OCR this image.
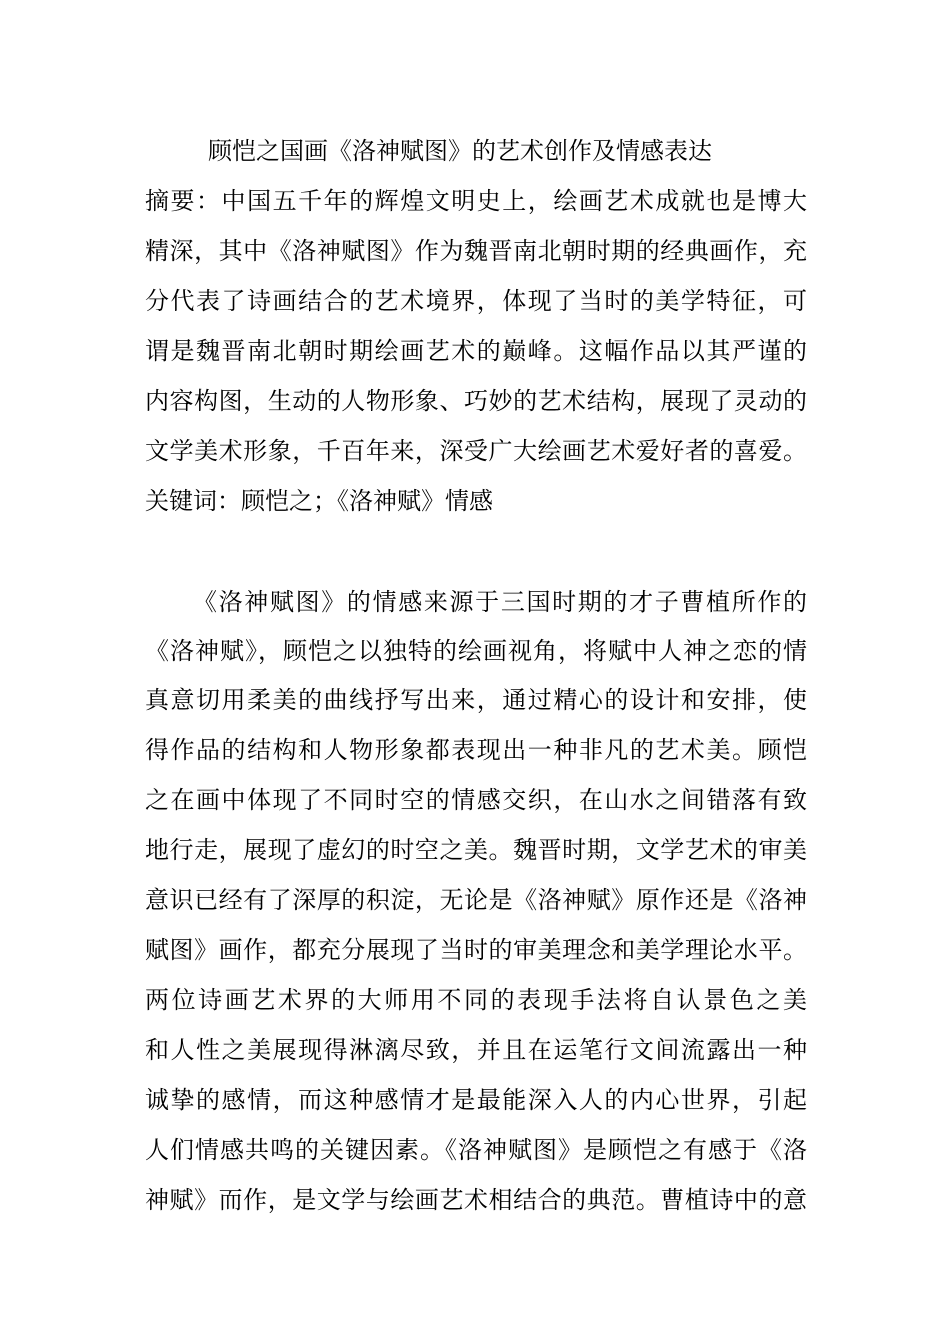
顾恺之国画《洛神赋图》的艺术创作及情感表达
摘要：中国五千年的辉煌文明史上，绘画艺术成就也是博大
精深，其中《洛神赋图》作为魏晋南北朝时期的经典画作，充
分代表了诗画结合的艺术境界，体现了当时的美学特征，可
谓是魏晋南北朝时期绘画艺术的巅峰。这幅作品以其严谨的
内容构图，生动的人物形象、巧妙的艺术结构，展现了灵动的
文学美术形象，千百年来，深受广大绘画艺术爱好者的喜爱。
关键词：顾恺之；《洛神赋》情感
《洛神赋图》的情感来源于三国时期的才子曹植所作的
《洛神赋》，顾恺之以独特的绘画视角，将赋中人神之恋的情
真意切用柔美的曲线抒写出来，通过精心的设计和安排，使
得作品的结构和人物形象都表现出一种非凡的艺术美。顾恺
之在画中体现了不同时空的情感交织，在山水之间错落有致
地行走，展现了虚幻的时空之美。魏晋时期，文学艺术的审美
意识已经有了深厚的积淀，无论是《洛神赋》原作还是《洛神
赋图》画作，都充分展现了当时的审美理念和美学理论水平。
两位诗画艺术界的大师用不同的表现手法将自认景色之美
和人性之美展现得淋漓尽致，并且在运笔行文间流露出一种
诚挚的感情，而这种感情才是最能深入人的内心世界，引起
人们情感共鸣的关键因素。《洛神赋图》是顾恺之有感于《洛
神赋》而作，是文学与绘画艺术相结合的典范。曹植诗中的意
